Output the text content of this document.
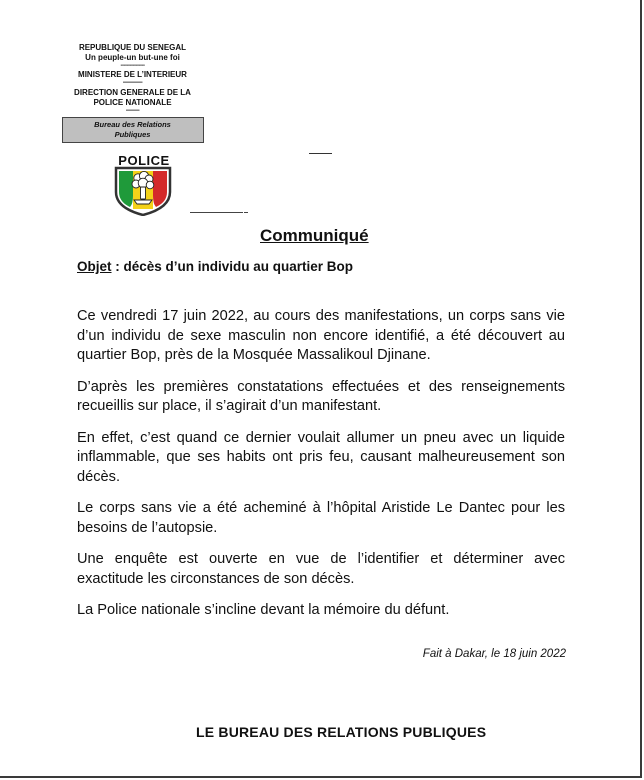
REPUBLIQUE DU SENEGAL
Un peuple-un but-une foi
----------------
MINISTERE DE L’INTERIEUR
-------------
DIRECTION GENERALE DE LA
POLICE NATIONALE
---------
Bureau des Relations
Publiques
POLICE
Communiqué
Objet : décès d’un individu au quartier Bop

Ce vendredi 17 juin 2022, au cours des manifestations, un corps sans vie d’un individu de sexe masculin non encore identifié, a été découvert au quartier Bop, près de la Mosquée Massalikoul Djinane.

D’après les premières constatations effectuées et des renseignements recueillis sur place, il s’agirait d’un manifestant.

En effet, c’est quand ce dernier voulait allumer un pneu avec un liquide inflammable, que ses habits ont pris feu, causant malheureusement son décès.

Le corps sans vie a été acheminé à l’hôpital Aristide Le Dantec pour les besoins de l’autopsie.

Une enquête est ouverte en vue de l’identifier et déterminer avec exactitude les circonstances de son décès.

La Police nationale s’incline devant la mémoire du défunt.

Fait à Dakar, le 18 juin 2022
LE BUREAU DES RELATIONS PUBLIQUES
